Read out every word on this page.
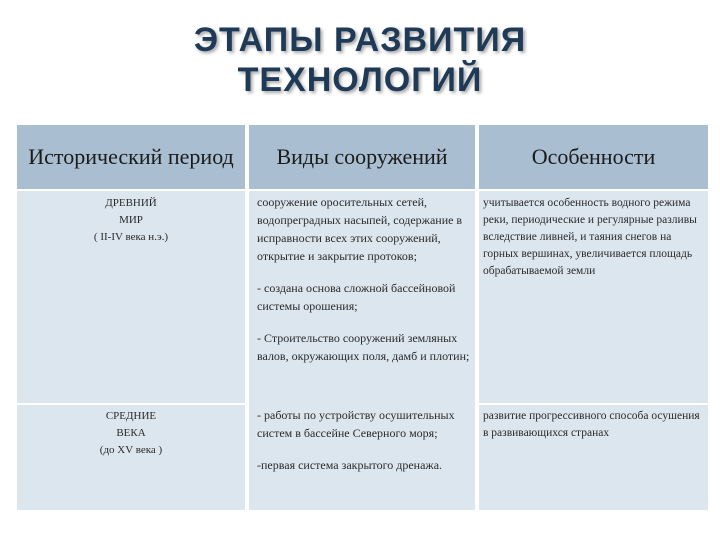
ЭТАПЫ РАЗВИТИЯ
ТЕХНОЛОГИЙ
Исторический период	Виды сооружений	Особенности

ДРЕВНИЙ

МИР

( II-IV века н.э.)

сооружение оросительных сетей, водопреградных насыпей, содержание в исправности всех этих сооружений, открытие и закрытие протоков;

- создана основа сложной бассейновой системы орошения;

- Строительство сооружений земляных валов, окружающих поля, дамб и плотин;

учитывается особенность водного режима реки, периодические и регулярные разливы вследствие ливней, и таяния снегов на горных вершинах, увеличивается площадь обрабатываемой земли

СРЕДНИЕ

ВЕКА

(до XV века )

- работы по устройству осушительных систем в бассейне Северного моря;

-первая система закрытого дренажа.

развитие прогрессивного способа осушения в развивающихся странах
